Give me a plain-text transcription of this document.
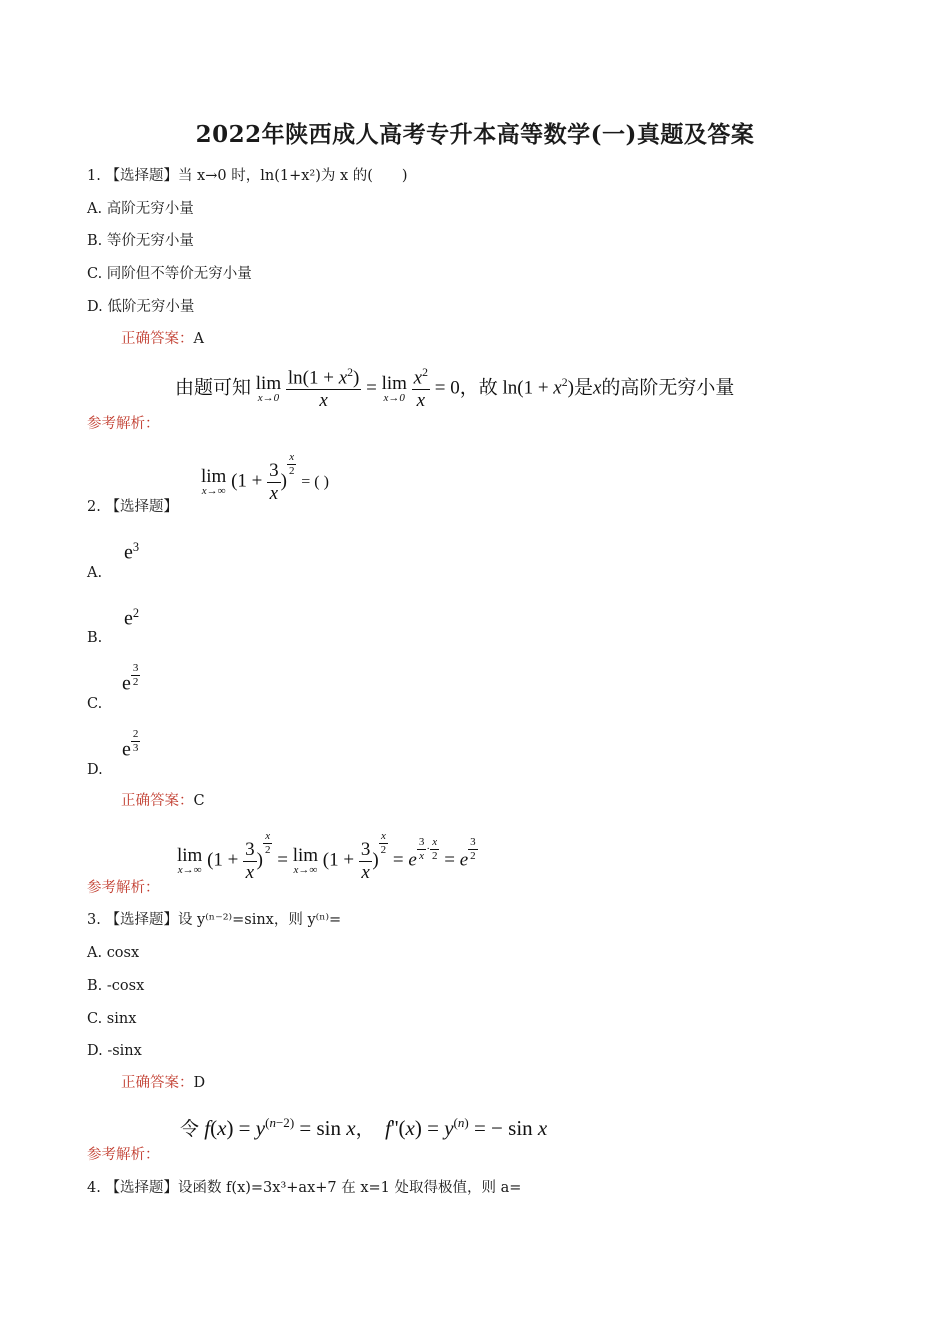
2022年陕西成人高考专升本高等数学(一)真题及答案
1. 【选择题】当 x→0 时，ln(1+x²)为 x 的(　　)
A. 高阶无穷小量
B. 等价无穷小量
C. 同阶但不等价无穷小量
D. 低阶无穷小量
正确答案：A
由题可知 lim
x→0
$\frac{\ln(1 + x^2)}{x} = \lim$
x→0
$\frac{x^2}{x} = 0$，故 $\ln(1 + x^2)$是x的高阶无穷小量
参考解析：
lim
x→∞ ($1 + \frac{3}{x}$ )
$^{\frac{x}{2}}$
= ( )
2. 【选择题】
$e^3$
A.
$e^2$
B.
e $^{\frac{3}{2}}$
C.
e $^{\frac{2}{3}}$
D.
正确答案：C
lim
x→∞ ($1 + \frac{3}{x}$ )
$^{\frac{x}{2}}$
= lim
x→∞ ($1 + \frac{3}{x}$ )
$^{\frac{x}{2}}$
= e $^{\frac{3}{x} \cdot \frac{x}{2}}$ = e $^{\frac{3}{2}}$
参考解析：
3. 【选择题】设 y⁽ⁿ⁻²⁾=sinx，则 y⁽ⁿ⁾=
A. cosx
B. -cosx
C. sinx
D. -sinx
正确答案：D
令 $f(x) = y^{(n-2)} = \sin x$， $f''(x) = y^{(n)}$ = − sin x
参考解析：
4. 【选择题】设函数 f(x)=3x³+ax+7 在 x=1 处取得极值，则 a=
